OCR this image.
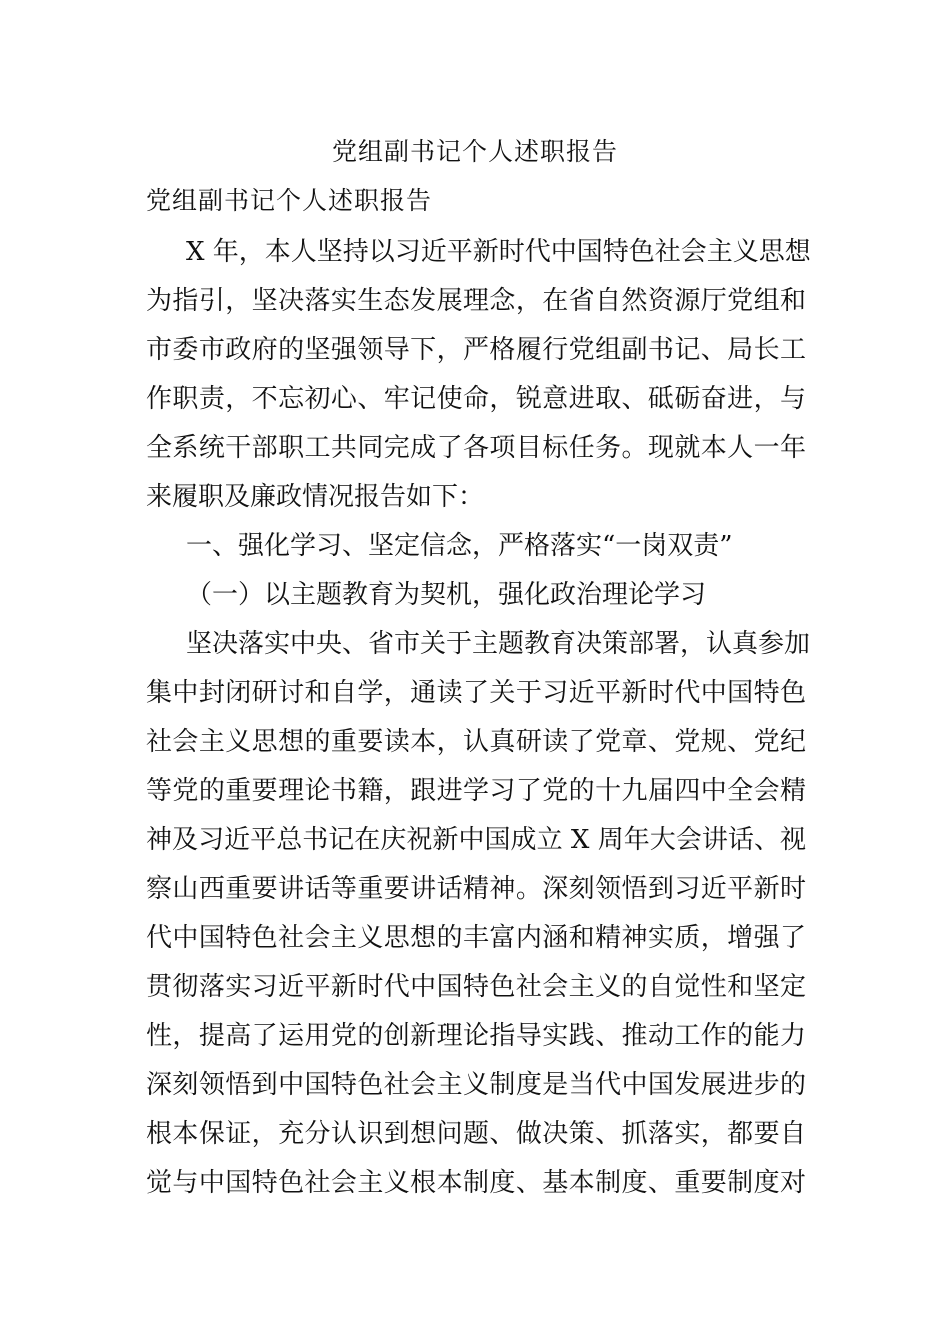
党组副书记个人述职报告
党组副书记个人述职报告
X 年，本人坚持以习近平新时代中国特色社会主义思想
为指引，坚决落实生态发展理念，在省自然资源厅党组和
市委市政府的坚强领导下，严格履行党组副书记、局长工
作职责，不忘初心、牢记使命，锐意进取、砥砺奋进，与
全系统干部职工共同完成了各项目标任务。现就本人一年
来履职及廉政情况报告如下：
一、强化学习、坚定信念，严格落实“一岗双责”
（一）以主题教育为契机，强化政治理论学习
坚决落实中央、省市关于主题教育决策部署，认真参加
集中封闭研讨和自学，通读了关于习近平新时代中国特色
社会主义思想的重要读本，认真研读了党章、党规、党纪
等党的重要理论书籍，跟进学习了党的十九届四中全会精
神及习近平总书记在庆祝新中国成立 X 周年大会讲话、视
察山西重要讲话等重要讲话精神。深刻领悟到习近平新时
代中国特色社会主义思想的丰富内涵和精神实质，增强了
贯彻落实习近平新时代中国特色社会主义的自觉性和坚定
性，提高了运用党的创新理论指导实践、推动工作的能力
深刻领悟到中国特色社会主义制度是当代中国发展进步的
根本保证，充分认识到想问题、做决策、抓落实，都要自
觉与中国特色社会主义根本制度、基本制度、重要制度对
